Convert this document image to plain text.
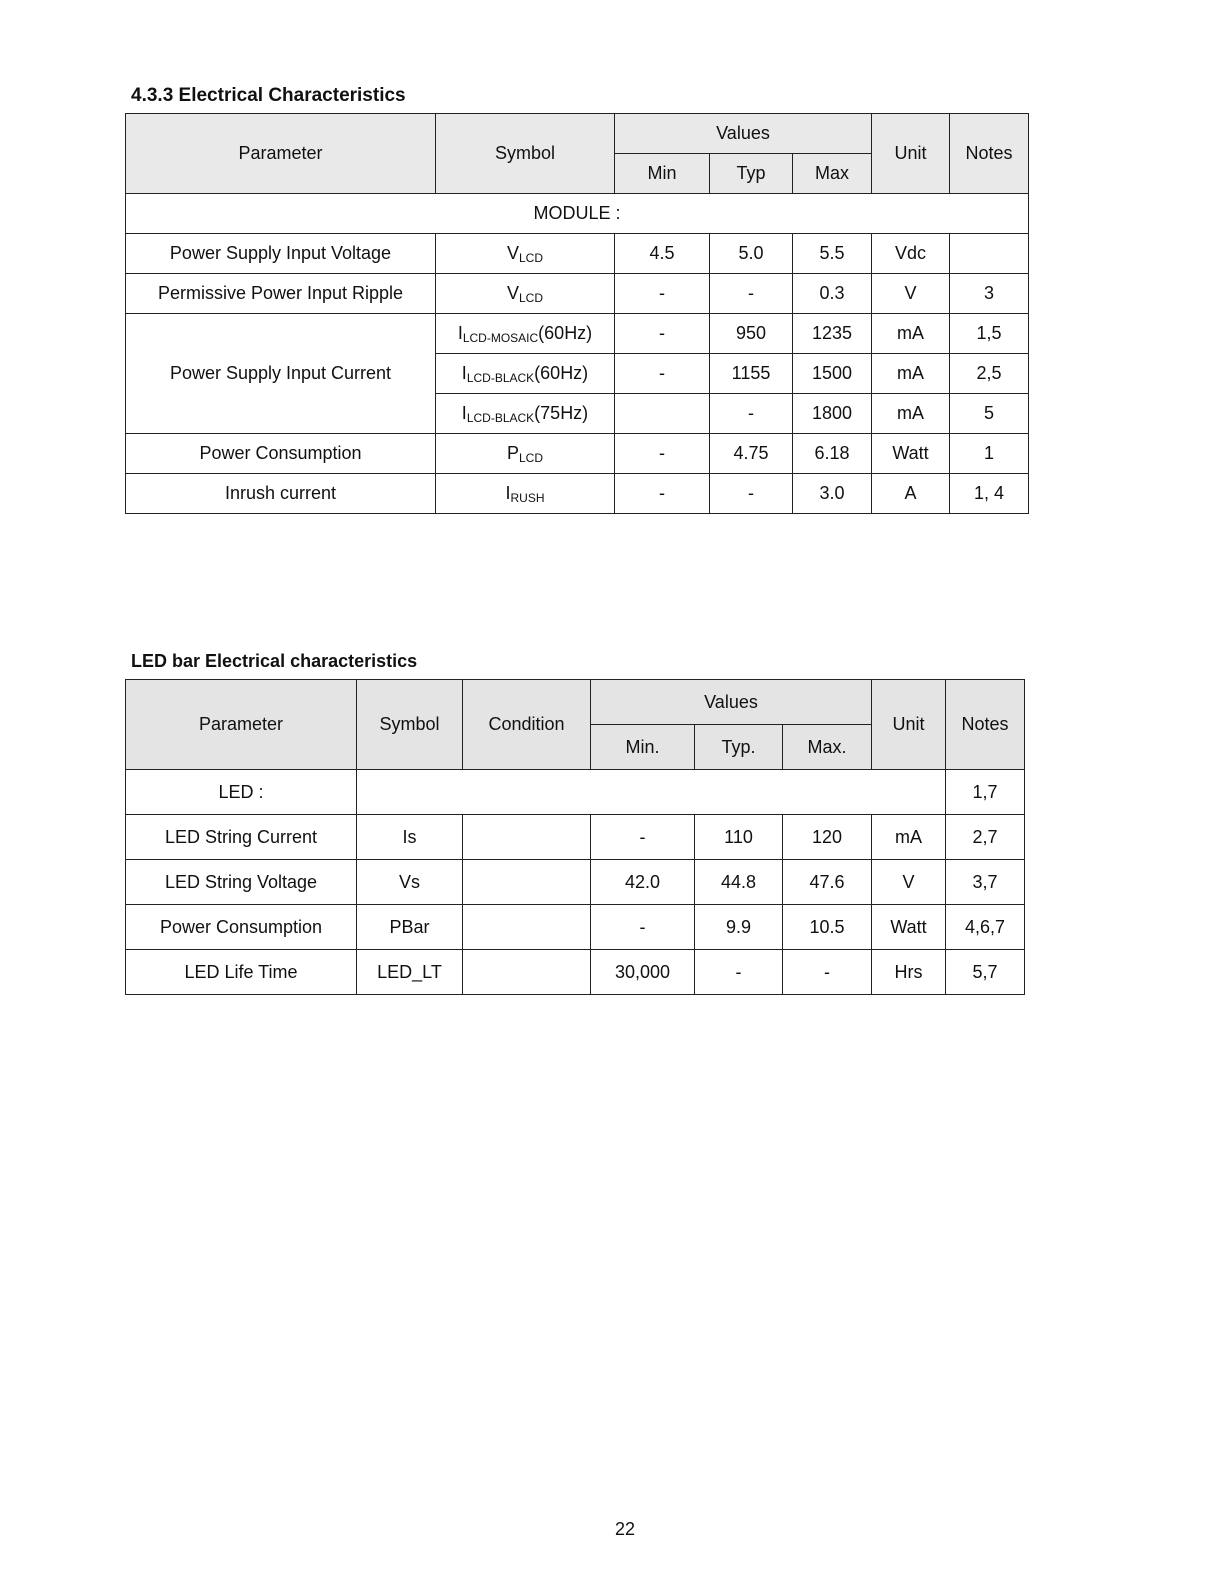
4.3.3 Electrical Characteristics
Parameter	Symbol	Values			Unit	Notes
		Min	Typ	Max		
MODULE :						
Power Supply Input Voltage	$V_{LCD}$	4.5	5.0	5.5	Vdc	
Permissive Power Input Ripple	$V_{LCD}$	-	-	0.3	V	3
Power Supply Input Current	$I_{LCD-MOSAIC}(60Hz)$	-	950	1235	mA	1,5
	$I_{LCD-BLACK}(60Hz)$	-	1155	1500	mA	2,5
	$I_{LCD-BLACK}(75Hz)$		-	1800	mA	5
Power Consumption	$P_{LCD}$	-	4.75	6.18	Watt	1
Inrush current	$I_{RUSH}$	-	-	3.0	A	1, 4
LED bar Electrical characteristics
Parameter	Symbol	Condition	Values			Unit	Notes
			Min.	Typ.	Max.		
LED :							1,7
LED String Current	Is		-	110	120	mA	2,7
LED String Voltage	Vs		42.0	44.8	47.6	V	3,7
Power Consumption	PBar		-	9.9	10.5	Watt	4,6,7
LED Life Time	LED_LT		30,000	-	-	Hrs	5,7
22
